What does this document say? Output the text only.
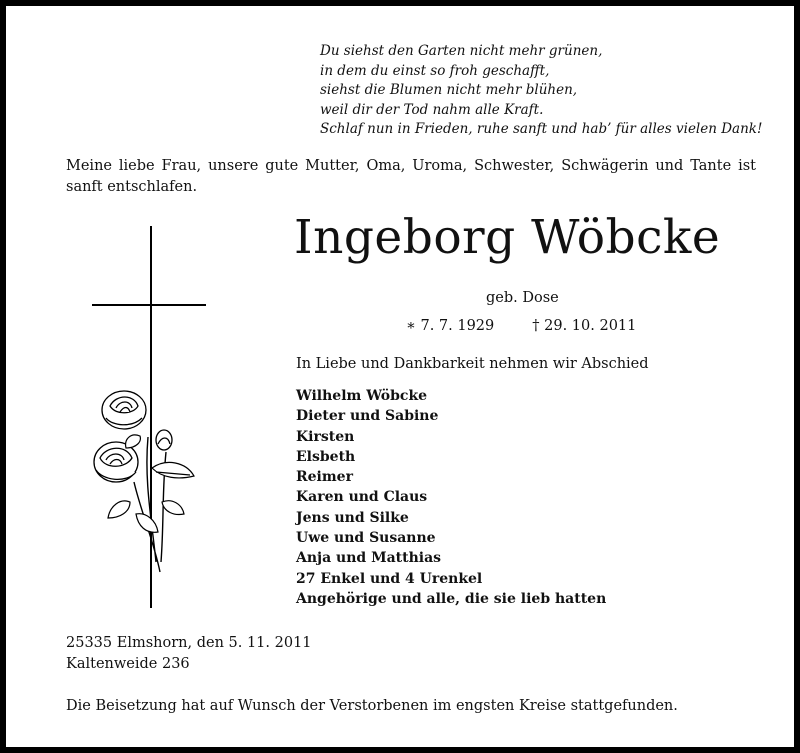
Du siehst den Garten nicht mehr grünen,
in dem du einst so froh geschafft,
siehst die Blumen nicht mehr blühen,
weil dir der Tod nahm alle Kraft.
Schlaf nun in Frieden, ruhe sanft und hab’ für alles vielen Dank!
Meine liebe Frau, unsere gute Mutter, Oma, Uroma, Schwester, Schwägerin und Tante ist sanft entschlafen.
Ingeborg Wöbcke
geb. Dose
∗ 7. 7. 1929	† 29. 10. 2011
In Liebe und Dankbarkeit nehmen wir Abschied
Wilhelm Wöbcke
Dieter und Sabine
Kirsten
Elsbeth
Reimer
Karen und Claus
Jens und Silke
Uwe und Susanne
Anja und Matthias
27 Enkel und 4 Urenkel
Angehörige und alle, die sie lieb hatten
25335 Elmshorn, den 5. 11. 2011
Kaltenweide 236
Die Beisetzung hat auf Wunsch der Verstorbenen im engsten Kreise stattgefunden.
